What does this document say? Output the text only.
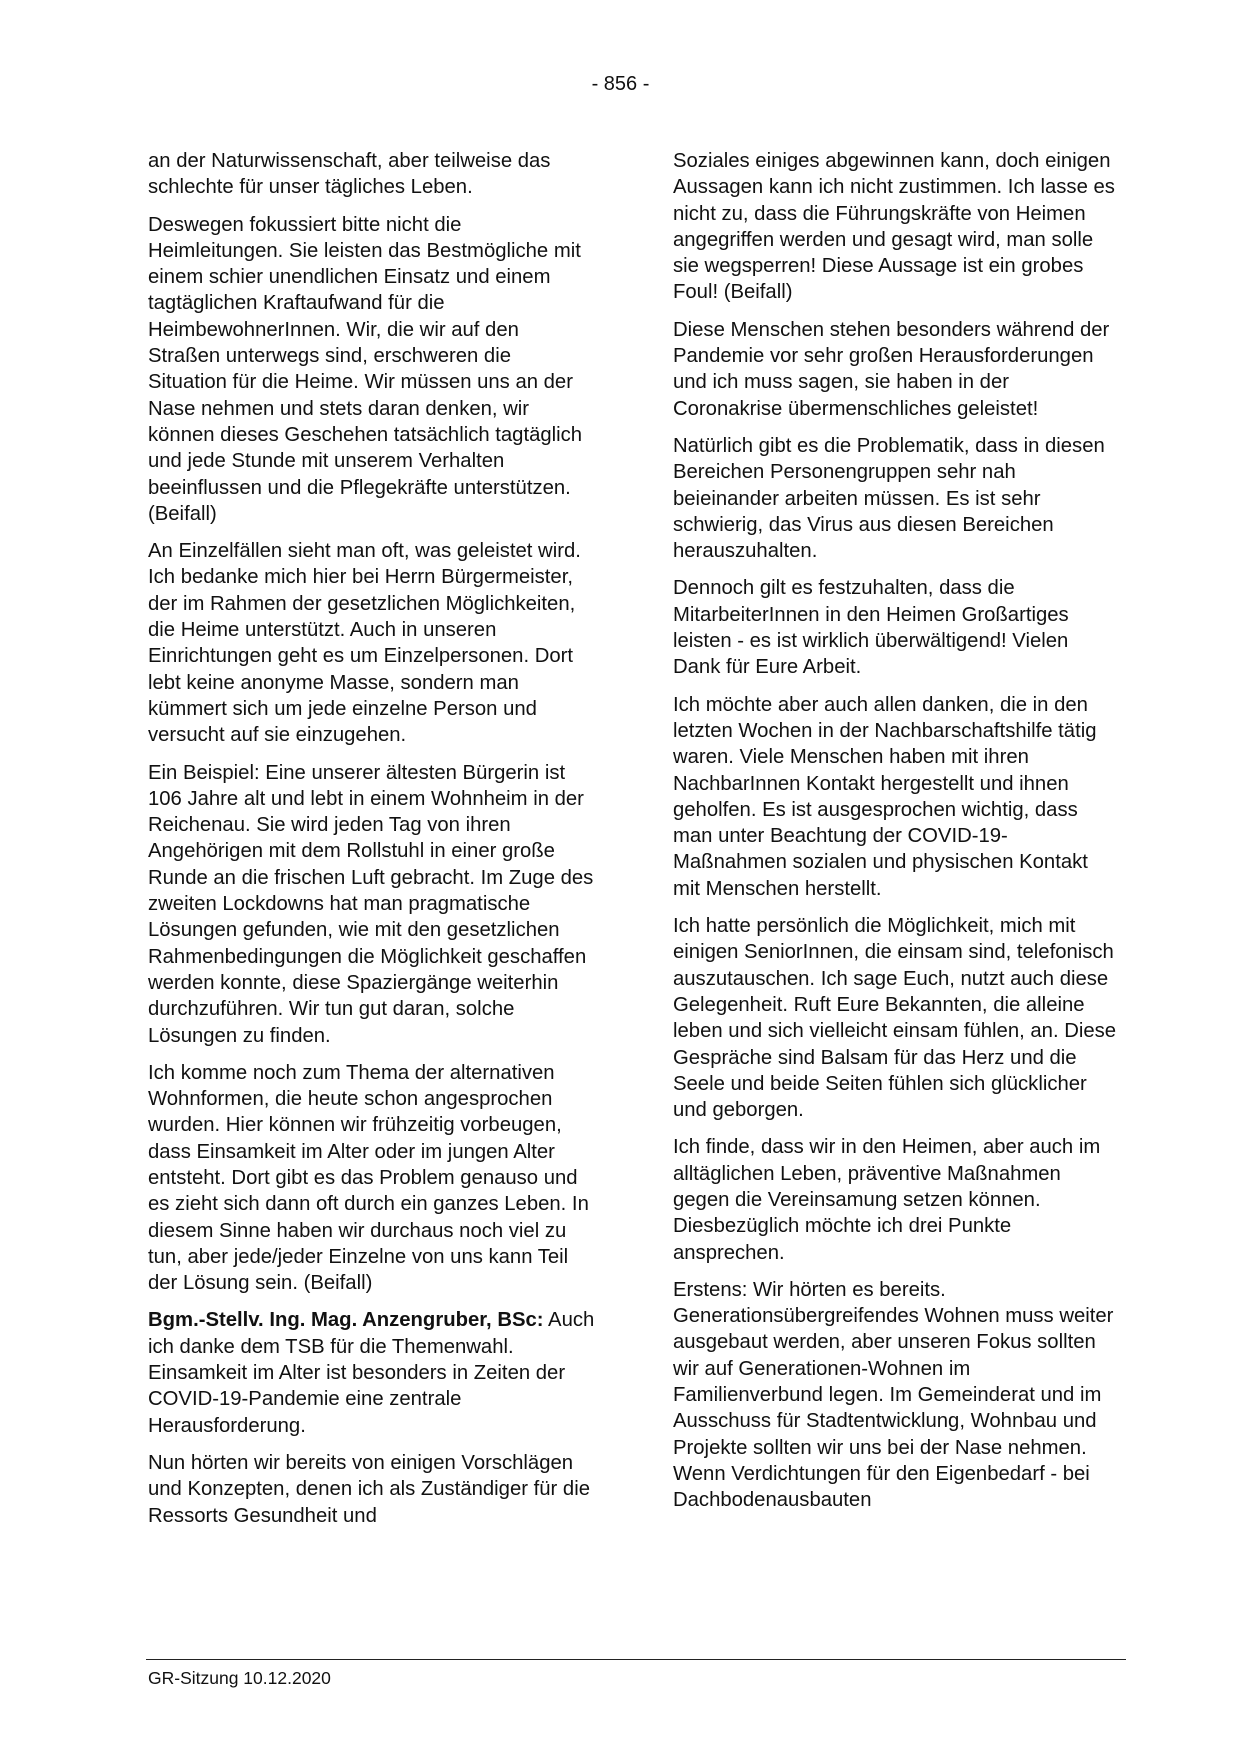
- 856 -

an der Naturwissenschaft, aber teilweise das schlechte für unser tägliches Leben.

Deswegen fokussiert bitte nicht die Heimleitungen. Sie leisten das Bestmögliche mit einem schier unendlichen Einsatz und einem tagtäglichen Kraftaufwand für die HeimbewohnerInnen. Wir, die wir auf den Straßen unterwegs sind, erschweren die Situation für die Heime. Wir müssen uns an der Nase nehmen und stets daran denken, wir können dieses Geschehen tatsächlich tagtäglich und jede Stunde mit unserem Verhalten beeinflussen und die Pflegekräfte unterstützen. (Beifall)

An Einzelfällen sieht man oft, was geleistet wird. Ich bedanke mich hier bei Herrn Bürgermeister, der im Rahmen der gesetzlichen Möglichkeiten, die Heime unterstützt. Auch in unseren Einrichtungen geht es um Einzelpersonen. Dort lebt keine anonyme Masse, sondern man kümmert sich um jede einzelne Person und versucht auf sie einzugehen.

Ein Beispiel: Eine unserer ältesten Bürgerin ist 106 Jahre alt und lebt in einem Wohnheim in der Reichenau. Sie wird jeden Tag von ihren Angehörigen mit dem Rollstuhl in einer große Runde an die frischen Luft gebracht. Im Zuge des zweiten Lockdowns hat man pragmatische Lösungen gefunden, wie mit den gesetzlichen Rahmenbedingungen die Möglichkeit geschaffen werden konnte, diese Spaziergänge weiterhin durchzuführen. Wir tun gut daran, solche Lösungen zu finden.

Ich komme noch zum Thema der alternativen Wohnformen, die heute schon angesprochen wurden. Hier können wir frühzeitig vorbeugen, dass Einsamkeit im Alter oder im jungen Alter entsteht. Dort gibt es das Problem genauso und es zieht sich dann oft durch ein ganzes Leben. In diesem Sinne haben wir durchaus noch viel zu tun, aber jede/jeder Einzelne von uns kann Teil der Lösung sein. (Beifall)

Bgm.-Stellv. Ing. Mag. Anzengruber, BSc: Auch ich danke dem TSB für die Themenwahl. Einsamkeit im Alter ist besonders in Zeiten der COVID-19-Pandemie eine zentrale Herausforderung.

Nun hörten wir bereits von einigen Vorschlägen und Konzepten, denen ich als Zuständiger für die Ressorts Gesundheit und

Soziales einiges abgewinnen kann, doch einigen Aussagen kann ich nicht zustimmen. Ich lasse es nicht zu, dass die Führungskräfte von Heimen angegriffen werden und gesagt wird, man solle sie wegsperren! Diese Aussage ist ein grobes Foul! (Beifall)

Diese Menschen stehen besonders während der Pandemie vor sehr großen Herausforderungen und ich muss sagen, sie haben in der Coronakrise übermenschliches geleistet!

Natürlich gibt es die Problematik, dass in diesen Bereichen Personengruppen sehr nah beieinander arbeiten müssen. Es ist sehr schwierig, das Virus aus diesen Bereichen herauszuhalten.

Dennoch gilt es festzuhalten, dass die MitarbeiterInnen in den Heimen Großartiges leisten - es ist wirklich überwältigend! Vielen Dank für Eure Arbeit.

Ich möchte aber auch allen danken, die in den letzten Wochen in der Nachbarschaftshilfe tätig waren. Viele Menschen haben mit ihren NachbarInnen Kontakt hergestellt und ihnen geholfen. Es ist ausgesprochen wichtig, dass man unter Beachtung der COVID-19-Maßnahmen sozialen und physischen Kontakt mit Menschen herstellt.

Ich hatte persönlich die Möglichkeit, mich mit einigen SeniorInnen, die einsam sind, telefonisch auszutauschen. Ich sage Euch, nutzt auch diese Gelegenheit. Ruft Eure Bekannten, die alleine leben und sich vielleicht einsam fühlen, an. Diese Gespräche sind Balsam für das Herz und die Seele und beide Seiten fühlen sich glücklicher und geborgen.

Ich finde, dass wir in den Heimen, aber auch im alltäglichen Leben, präventive Maßnahmen gegen die Vereinsamung setzen können. Diesbezüglich möchte ich drei Punkte ansprechen.

Erstens: Wir hörten es bereits. Generationsübergreifendes Wohnen muss weiter ausgebaut werden, aber unseren Fokus sollten wir auf Generationen-Wohnen im Familienverbund legen. Im Gemeinderat und im Ausschuss für Stadtentwicklung, Wohnbau und Projekte sollten wir uns bei der Nase nehmen. Wenn Verdichtungen für den Eigenbedarf - bei Dachbodenausbauten

GR-Sitzung 10.12.2020
